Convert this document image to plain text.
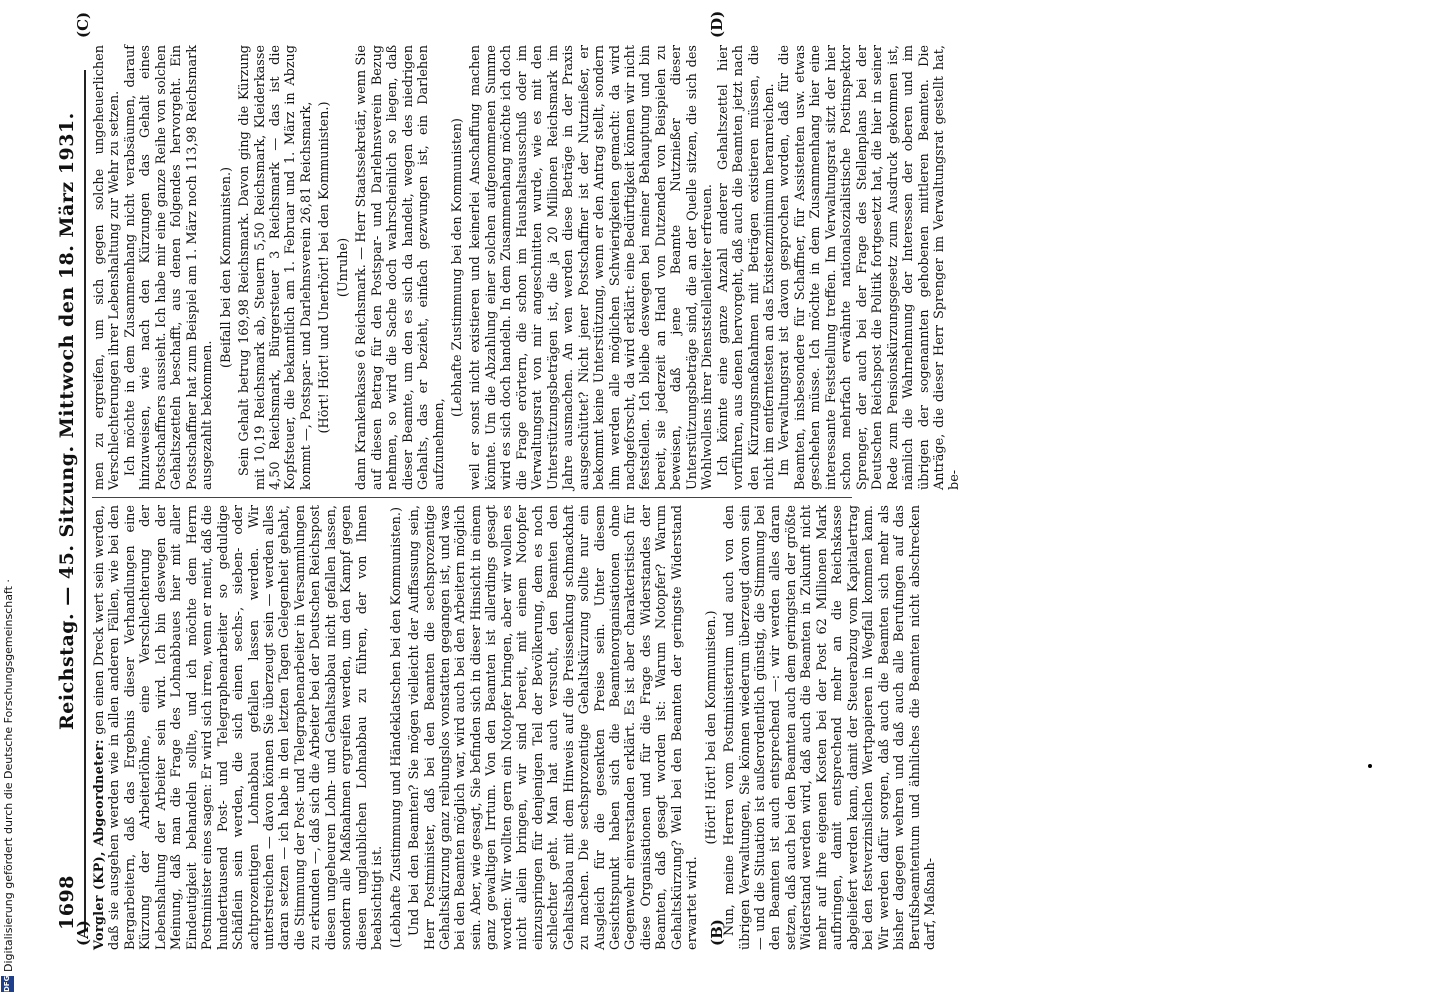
1698
Reichstag. — 45. Sitzung. Mittwoch den 18. März 1931.
(A)	(B)
(C)	(D)

Vorgler (KP), Abgeordneter: gen einen Dreck wert sein werden, daß sie ausgehen werden wie in allen anderen Fällen, wie bei den Bergarbeitern, daß das Ergebnis dieser Verhandlungen eine Kürzung der Arbeiterlöhne, eine Verschlechterung der Lebenshaltung der Arbeiter sein wird. Ich bin deswegen der Meinung, daß man die Frage des Lohnabbaues hier mit aller Eindeutigkeit behandeln sollte, und ich möchte dem Herrn Postminister eines sagen: Er wird sich irren, wenn er meint, daß die hunderttausend Post- und Telegraphenarbeiter so geduldige Schäflein sein werden, die sich einen sechs-, sieben- oder achtprozentigen Lohnabbau gefallen lassen werden. Wir unterstreichen — davon können Sie überzeugt sein — werden alles daran setzen — ich habe in den letzten Tagen Gelegenheit gehabt, die Stimmung der Post- und Telegraphenarbeiter in Versammlungen zu erkunden —, daß sich die Arbeiter bei der Deutschen Reichspost diesen ungeheuren Lohn- und Gehaltsabbau nicht gefallen lassen, sondern alle Maßnahmen ergreifen werden, um den Kampf gegen diesen unglaublichen Lohnabbau zu führen, der von Ihnen beabsichtigt ist. (Lebhafte Zustimmung und Händeklatschen bei den Kommunisten.) Und bei den Beamten? Sie mögen vielleicht der Auffassung sein, Herr Postminister, daß bei den Beamten die sechsprozentige Gehaltskürzung ganz reibungslos vonstatten gegangen ist, und was bei den Beamten möglich war, wird auch bei den Arbeitern möglich sein. Aber, wie gesagt, Sie befinden sich in dieser Hinsicht in einem ganz gewaltigen Irrtum. Von den Beamten ist allerdings gesagt worden: Wir wollten gern ein Notopfer bringen, aber wir wollen es nicht allein bringen, wir sind bereit, mit einem Notopfer einzuspringen für denjenigen Teil der Bevölkerung, dem es noch schlechter geht. Man hat auch versucht, den Beamten den Gehaltsabbau mit dem Hinweis auf die Preissenkung schmackhaft zu machen. Die sechsprozentige Gehaltskürzung sollte nur ein Ausgleich für die gesenkten Preise sein. Unter diesem Gesichtspunkt haben sich die Beamtenorganisationen ohne Gegenwehr einverstanden erklärt. Es ist aber charakteristisch für diese Organisationen und für die Frage des Widerstandes der Beamten, daß gesagt worden ist: Warum Notopfer? Warum Gehaltskürzung? Weil bei den Beamten der geringste Widerstand erwartet wird.

(Hört! Hört! bei den Kommunisten.) Nun, meine Herren vom Postministerium und auch von den übrigen Verwaltungen, Sie können wiederum überzeugt davon sein — und die Situation ist außerordentlich günstig, die Stimmung bei den Beamten ist auch entsprechend —: wir werden alles daran setzen, daß auch bei den Beamten auch dem geringsten der größte Widerstand werden wird, daß auch die Beamten in Zukunft nicht mehr auf ihre eigenen Kosten bei der Post 62 Millionen Mark aufbringen, damit entsprechend mehr an die Reichskasse abgeliefert werden kann, damit der Steuerabzug vom Kapitalertrag bei den festverzinslichen Wertpapieren in Wegfall kommen kann. Wir werden dafür sorgen, daß auch die Beamten sich mehr als bisher dagegen wehren und daß auch alle Berufungen auf das Berufsbeamtentum und ähnliches die Beamten nicht abschrecken darf, Maßnah-

men zu ergreifen, um sich gegen solche ungeheuerlichen Verschlechterungen ihrer Lebenshaltung zur Wehr zu setzen. Ich möchte in dem Zusammenhang nicht verabsäumen, darauf hinzuweisen, wie nach den Kürzungen das Gehalt eines Postschaffners aussieht. Ich habe mir eine ganze Reihe von solchen Gehaltszetteln beschafft, aus denen folgendes hervorgeht. Ein Postschaffner hat zum Beispiel am 1. März noch 113,98 Reichsmark ausgezahlt bekommen.

(Beifall bei den Kommunisten.) Sein Gehalt betrug 169,98 Reichsmark. Davon ging die Kürzung mit 10,19 Reichsmark ab, Steuern 5,50 Reichsmark, Kleiderkasse 4,50 Reichsmark, Bürgersteuer 3 Reichsmark — das ist die Kopfsteuer, die bekanntlich am 1. Februar und 1. März in Abzug kommt —, Postspar- und Darlehnsverein 26,81 Reichsmark, (Hört! Hört! und Unerhört! bei den Kommunisten.) (Unruhe) dann Krankenkasse 6 Reichsmark. — Herr Staatssekretär, wenn Sie auf diesen Betrag für den Postspar- und Darlehnsverein Bezug nehmen, so wird die Sache doch wahrscheinlich so liegen, daß dieser Beamte, um den es sich da handelt, wegen des niedrigen Gehalts, das er bezieht, einfach gezwungen ist, ein Darlehen aufzunehmen,

(Lebhafte Zustimmung bei den Kommunisten) weil er sonst nicht existieren und keinerlei Anschaffung machen könnte. Um die Abzahlung einer solchen aufgenommenen Summe wird es sich doch handeln. In dem Zusammenhang möchte ich doch die Frage erörtern, die schon im Haushaltsausschuß oder im Verwaltungsrat von mir angeschnitten wurde, wie es mit den Unterstützungsbeträgen ist, die ja 20 Millionen Reichsmark im Jahre ausmachen. An wen werden diese Beträge in der Praxis ausgeschüttet? Nicht jener Postschaffner ist der Nutznießer, er bekommt keine Unterstützung, wenn er den Antrag stellt, sondern ihm werden alle möglichen Schwierigkeiten gemacht: da wird nachgeforscht, da wird erklärt: eine Bedürftigkeit können wir nicht feststellen. Ich bleibe deswegen bei meiner Behauptung und bin bereit, sie jederzeit an Hand von Dutzenden von Beispielen zu beweisen, daß jene Beamte Nutznießer dieser Unterstützungsbeträge sind, die an der Quelle sitzen, die sich des Wohlwollens ihrer Dienststellenleiter erfreuen. Ich könnte eine ganze Anzahl anderer Gehaltszettel hier vorführen, aus denen hervorgeht, daß auch die Beamten jetzt nach den Kürzungsmaßnahmen mit Beträgen existieren müssen, die nicht im entferntesten an das Existenzminimum heranreichen. Im Verwaltungsrat ist davon gesprochen worden, daß für die Beamten, insbesondere für Schaffner, für Assistenten usw. etwas geschehen müsse. Ich möchte in dem Zusammenhang hier eine interessante Feststellung treffen. Im Verwaltungsrat sitzt der hier schon mehrfach erwähnte nationalsozialistische Postinspektor Sprenger, der auch bei der Frage des Stellenplans bei der Deutschen Reichspost die Politik fortgesetzt hat, die hier in seiner Rede zum Pensionskürzungsgesetz zum Ausdruck gekommen ist, nämlich die Wahrnehmung der Interessen der oberen und im übrigen der sogenannten gehobenen mittleren Beamten. Die Anträge, die dieser Herr Sprenger im Verwaltungsrat gestellt hat, be-

DFG
Digitalisierung gefördert durch die Deutsche Forschungsgemeinschaft ·
